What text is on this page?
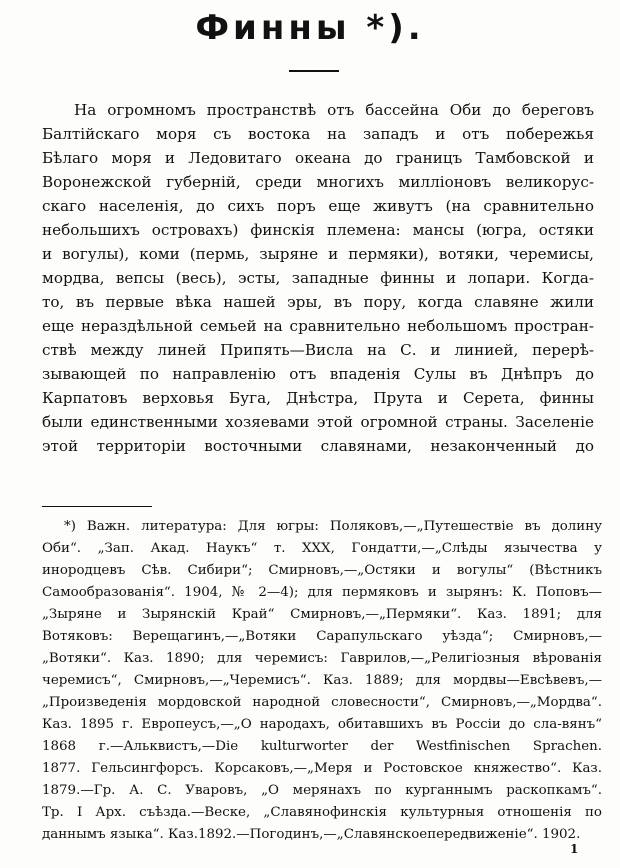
Финны *).
На огромномъ пространствѣ отъ бассейна Оби до береговъ
Балтійскаго моря съ востока на западъ и отъ побережья
Бѣлаго моря и Ледовитаго океана до границъ Тамбовской и
Воронежской губерній, среди многихъ милліоновъ великорус-
скаго населенія, до сихъ поръ еще живутъ (на сравнительно
небольшихъ островахъ) финскія племена: мансы (югра, остяки
и вогулы), коми (пермь, зыряне и пермяки), вотяки, черемисы,
мордва, вепсы (весь), эсты, западные финны и лопари. Когда-
то, въ первые вѣка нашей эры, въ пору, когда славяне жили
еще нераздѣльной семьей на сравнительно небольшомъ простран-
ствѣ между линей Припять—Висла на С. и линией, перерѣ-
зывающей по направленію отъ впаденія Сулы въ Днѣпръ до
Карпатовъ верховья Буга, Днѣстра, Прута и Серета, финны
были единственными хозяевами этой огромной страны. Заселеніе
этой территоріи восточными славянами, незаконченный до
*) Важн. литература: Для югры: Поляковъ,—„Путешествіе въ долину
Оби“. „Зап. Акад. Наукъ“ т. XXX, Гондатти,—„Слѣды язычества у
инородцевъ Сѣв. Сибири“; Смирновъ,—„Остяки и вогулы“ (Вѣстникъ
Самообразованія“. 1904, № 2—4); для пермяковъ и зырянъ: К. Поповъ—
„Зыряне и Зырянскій Край“ Смирновъ,—„Пермяки“. Каз. 1891; для
Вотяковъ: Верещагинъ,—„Вотяки Сарапульскаго уѣзда“; Смирновъ,—
„Вотяки“. Каз. 1890; для черемисъ: Гаврилов,—„Религіозныя вѣрованія
черемисъ“, Смирновъ,—„Черемисъ“. Каз. 1889; для мордвы—Евсѣвевъ,—
„Произведенія мордовской народной словесности“, Смирновъ,—„Мордва“.
Каз. 1895 г. Европеусъ,—„О народахъ, обитавшихъ въ Россіи до сла-вянъ“ 1868 г.—Альквистъ,—Die kulturworter der Westfinischen Sprachen.
1877. Гельсингфорсъ. Корсаковъ,—„Меря и Ростовское княжество“. Каз.
1879.—Гр. А. С. Уваровъ, „О мерянахъ по курганнымъ раскопкамъ“.
Тр. I Арх. съѣзда.—Веске, „Славянофинскія культурныя отношенія по
даннымъ языка“. Каз.1892.—Погодинъ,—„Славянскоепередвиженіе“. 1902.
1
